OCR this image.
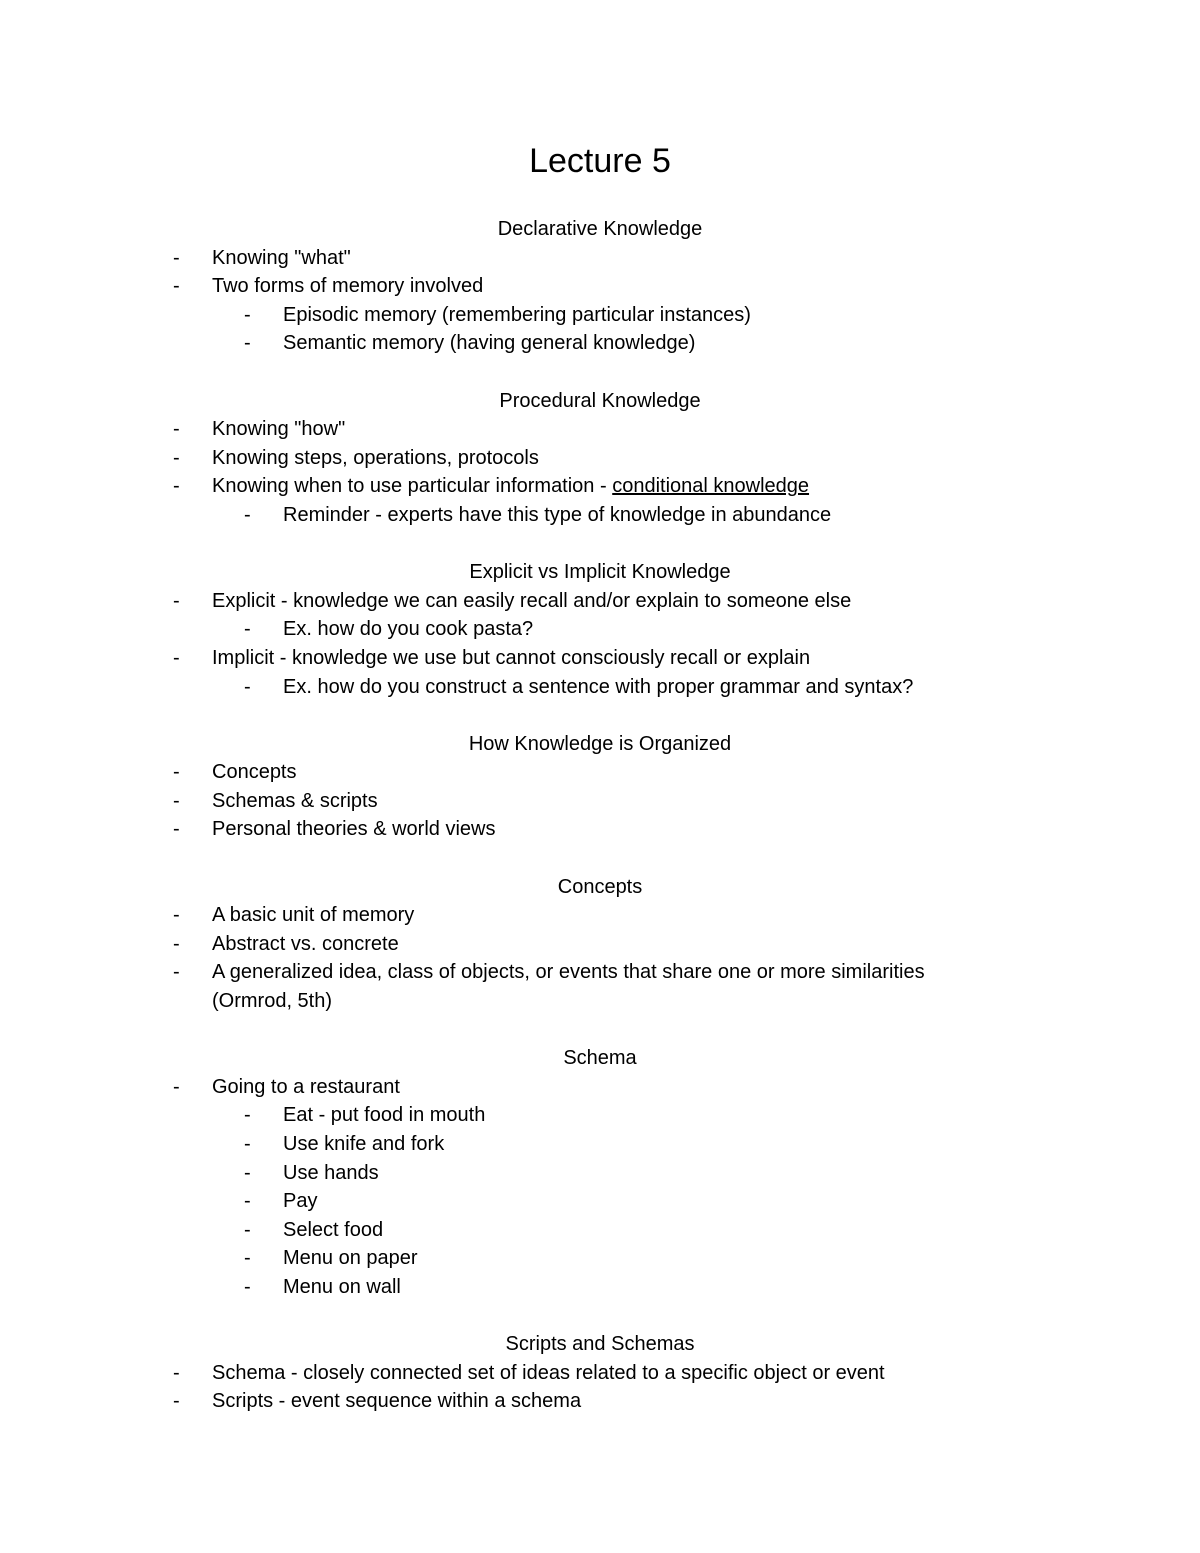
Lecture 5
Declarative Knowledge
- Knowing "what"
- Two forms of memory involved
- Episodic memory (remembering particular instances)
- Semantic memory (having general knowledge)
Procedural Knowledge
- Knowing "how"
- Knowing steps, operations, protocols
- Knowing when to use particular information - conditional knowledge
- Reminder - experts have this type of knowledge in abundance
Explicit vs Implicit Knowledge
- Explicit - knowledge we can easily recall and/or explain to someone else
- Ex. how do you cook pasta?
- Implicit - knowledge we use but cannot consciously recall or explain
- Ex. how do you construct a sentence with proper grammar and syntax?
How Knowledge is Organized
- Concepts
- Schemas & scripts
- Personal theories & world views
Concepts
- A basic unit of memory
- Abstract vs. concrete
- A generalized idea, class of objects, or events that share one or more similarities (Ormrod, 5th)
Schema
- Going to a restaurant
- Eat - put food in mouth
- Use knife and fork
- Use hands
- Pay
- Select food
- Menu on paper
- Menu on wall
Scripts and Schemas
- Schema - closely connected set of ideas related to a specific object or event
- Scripts - event sequence within a schema
